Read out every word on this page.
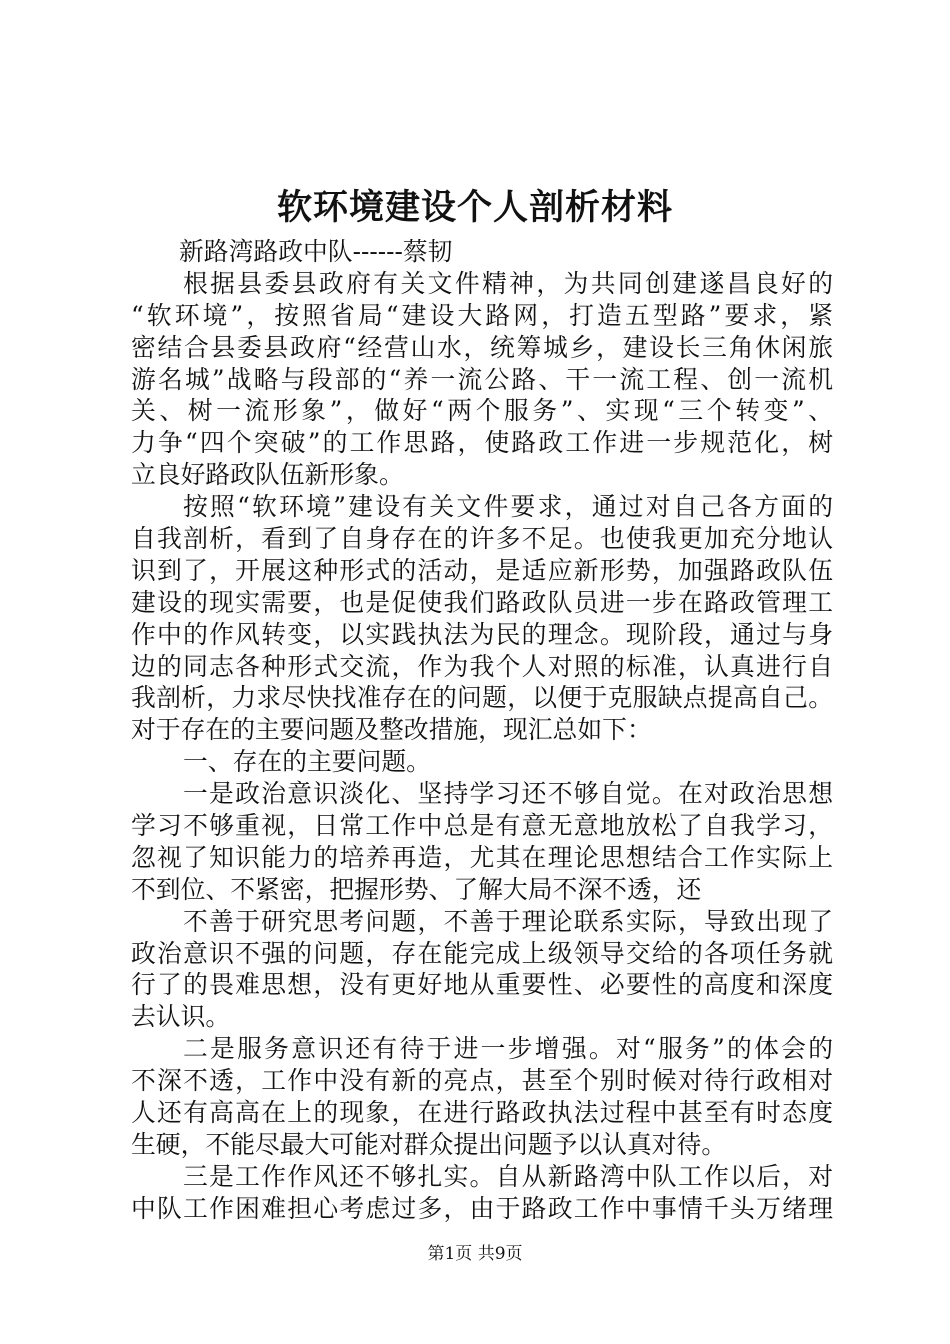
软环境建设个人剖析材料
新路湾路政中队------蔡韧
根据县委县政府有关文件精神，为共同创建遂昌良好的
“软环境”，按照省局“建设大路网，打造五型路”要求，紧
密结合县委县政府“经营山水，统筹城乡，建设长三角休闲旅
游名城”战略与段部的“养一流公路、干一流工程、创一流机
关、树一流形象”，做好“两个服务”、实现“三个转变”、
力争“四个突破”的工作思路，使路政工作进一步规范化，树
立良好路政队伍新形象。
按照“软环境”建设有关文件要求，通过对自己各方面的
自我剖析，看到了自身存在的许多不足。也使我更加充分地认
识到了，开展这种形式的活动，是适应新形势，加强路政队伍
建设的现实需要，也是促使我们路政队员进一步在路政管理工
作中的作风转变，以实践执法为民的理念。现阶段，通过与身
边的同志各种形式交流，作为我个人对照的标准，认真进行自
我剖析，力求尽快找准存在的问题，以便于克服缺点提高自己。
对于存在的主要问题及整改措施，现汇总如下：
一、存在的主要问题。
一是政治意识淡化、坚持学习还不够自觉。在对政治思想
学习不够重视，日常工作中总是有意无意地放松了自我学习，
忽视了知识能力的培养再造，尤其在理论思想结合工作实际上
不到位、不紧密，把握形势、了解大局不深不透，还
不善于研究思考问题，不善于理论联系实际，导致出现了
政治意识不强的问题，存在能完成上级领导交给的各项任务就
行了的畏难思想，没有更好地从重要性、必要性的高度和深度
去认识。
二是服务意识还有待于进一步增强。对“服务”的体会的
不深不透，工作中没有新的亮点，甚至个别时候对待行政相对
人还有高高在上的现象，在进行路政执法过程中甚至有时态度
生硬，不能尽最大可能对群众提出问题予以认真对待。
三是工作作风还不够扎实。自从新路湾中队工作以后，对
中队工作困难担心考虑过多，由于路政工作中事情千头万绪理
第1页 共9页
